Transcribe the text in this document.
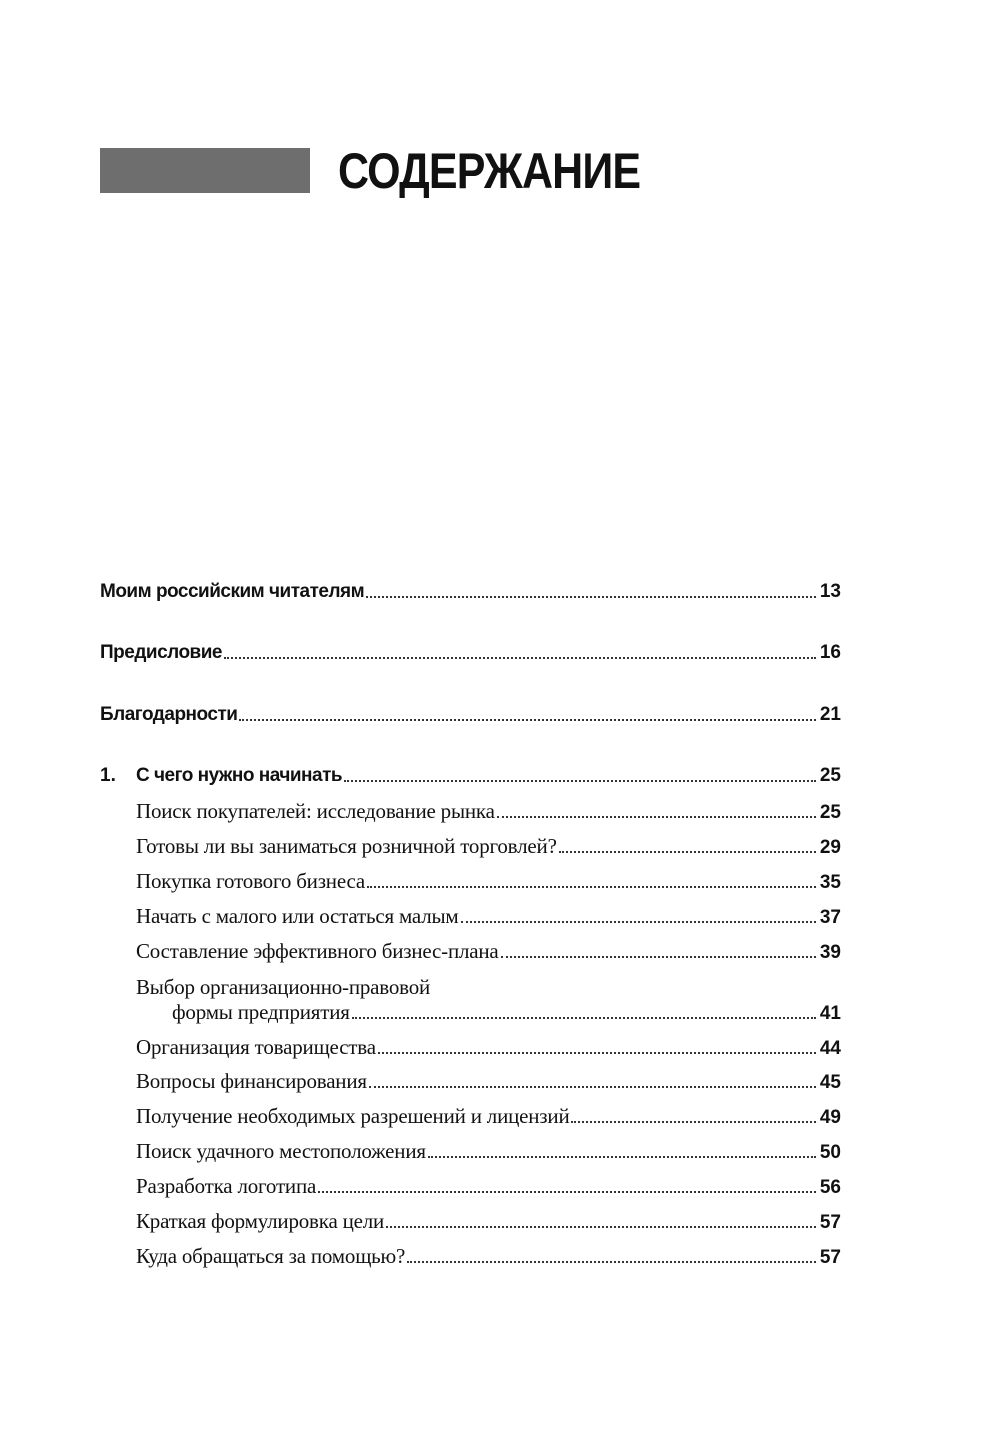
СОДЕРЖАНИЕ
Моим российским читателям	13
Предисловие	16
Благодарности	21
1.	С чего нужно начинать	25
Поиск покупателей: исследование рынка	25
Готовы ли вы заниматься розничной торговлей?	29
Покупка готового бизнеса	35
Начать с малого или остаться малым	37
Составление эффективного бизнес-плана	39
Выбор организационно-правовой
формы предприятия	41
Организация товарищества	44
Вопросы финансирования	45
Получение необходимых разрешений и лицензий	49
Поиск удачного местоположения	50
Разработка логотипа	56
Краткая формулировка цели	57
Куда обращаться за помощью?	57
